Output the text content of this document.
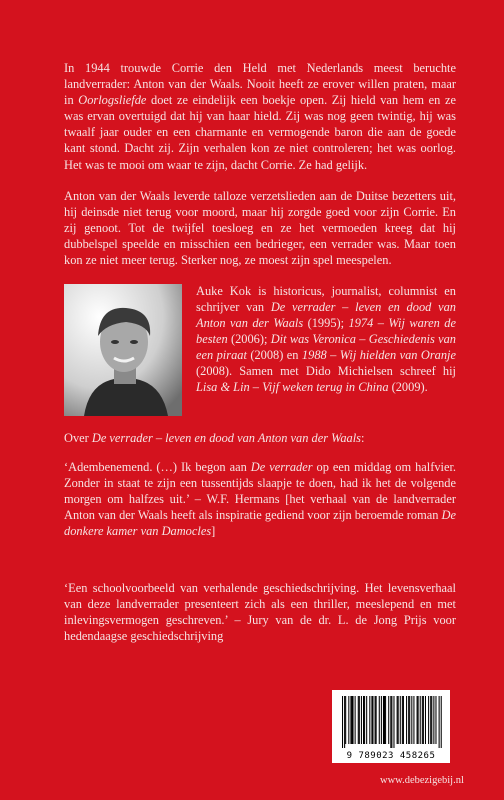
In 1944 trouwde Corrie den Held met Nederlands meest beruchte landverrader: Anton van der Waals. Nooit heeft ze erover willen praten, maar in Oorlogsliefde doet ze eindelijk een boekje open. Zij hield van hem en ze was ervan overtuigd dat hij van haar hield. Zij was nog geen twintig, hij was twaalf jaar ouder en een charmante en vermogende baron die aan de goede kant stond. Dacht zij. Zijn verhalen kon ze niet controleren; het was oorlog. Het was te mooi om waar te zijn, dacht Corrie. Ze had gelijk.

Anton van der Waals leverde talloze verzetslieden aan de Duitse bezetters uit, hij deinsde niet terug voor moord, maar hij zorgde goed voor zijn Corrie. En zij genoot. Tot de twijfel toesloeg en ze het vermoeden kreeg dat hij dubbelspel speelde en misschien een bedrieger, een verrader was. Maar toen kon ze niet meer terug. Sterker nog, ze moest zijn spel meespelen.

Auke Kok is historicus, journalist, columnist en schrijver van De verrader – leven en dood van Anton van der Waals (1995); 1974 – Wij waren de besten (2006); Dit was Veronica – Geschiedenis van een piraat (2008) en 1988 – Wij hielden van Oranje (2008). Samen met Dido Michielsen schreef hij Lisa & Lin – Vijf weken terug in China (2009).

Over De verrader – leven en dood van Anton van der Waals:

‘Adembenemend. (…) Ik begon aan De verrader op een middag om halfvier. Zonder in staat te zijn een tussentijds slaapje te doen, had ik het de volgende morgen om halfzes uit.’ – W.F. Hermans [het verhaal van de landverrader Anton van der Waals heeft als inspiratie gediend voor zijn beroemde roman De donkere kamer van Damocles]

‘Een schoolvoorbeeld van verhalende geschiedschrijving. Het levensverhaal van deze landverrader presenteert zich als een thriller, meeslepend en met inlevingsvermogen geschreven.’ – Jury van de dr. L. de Jong Prijs voor hedendaagse geschiedschrijving

9 789023 458265

www.debezigebij.nl
